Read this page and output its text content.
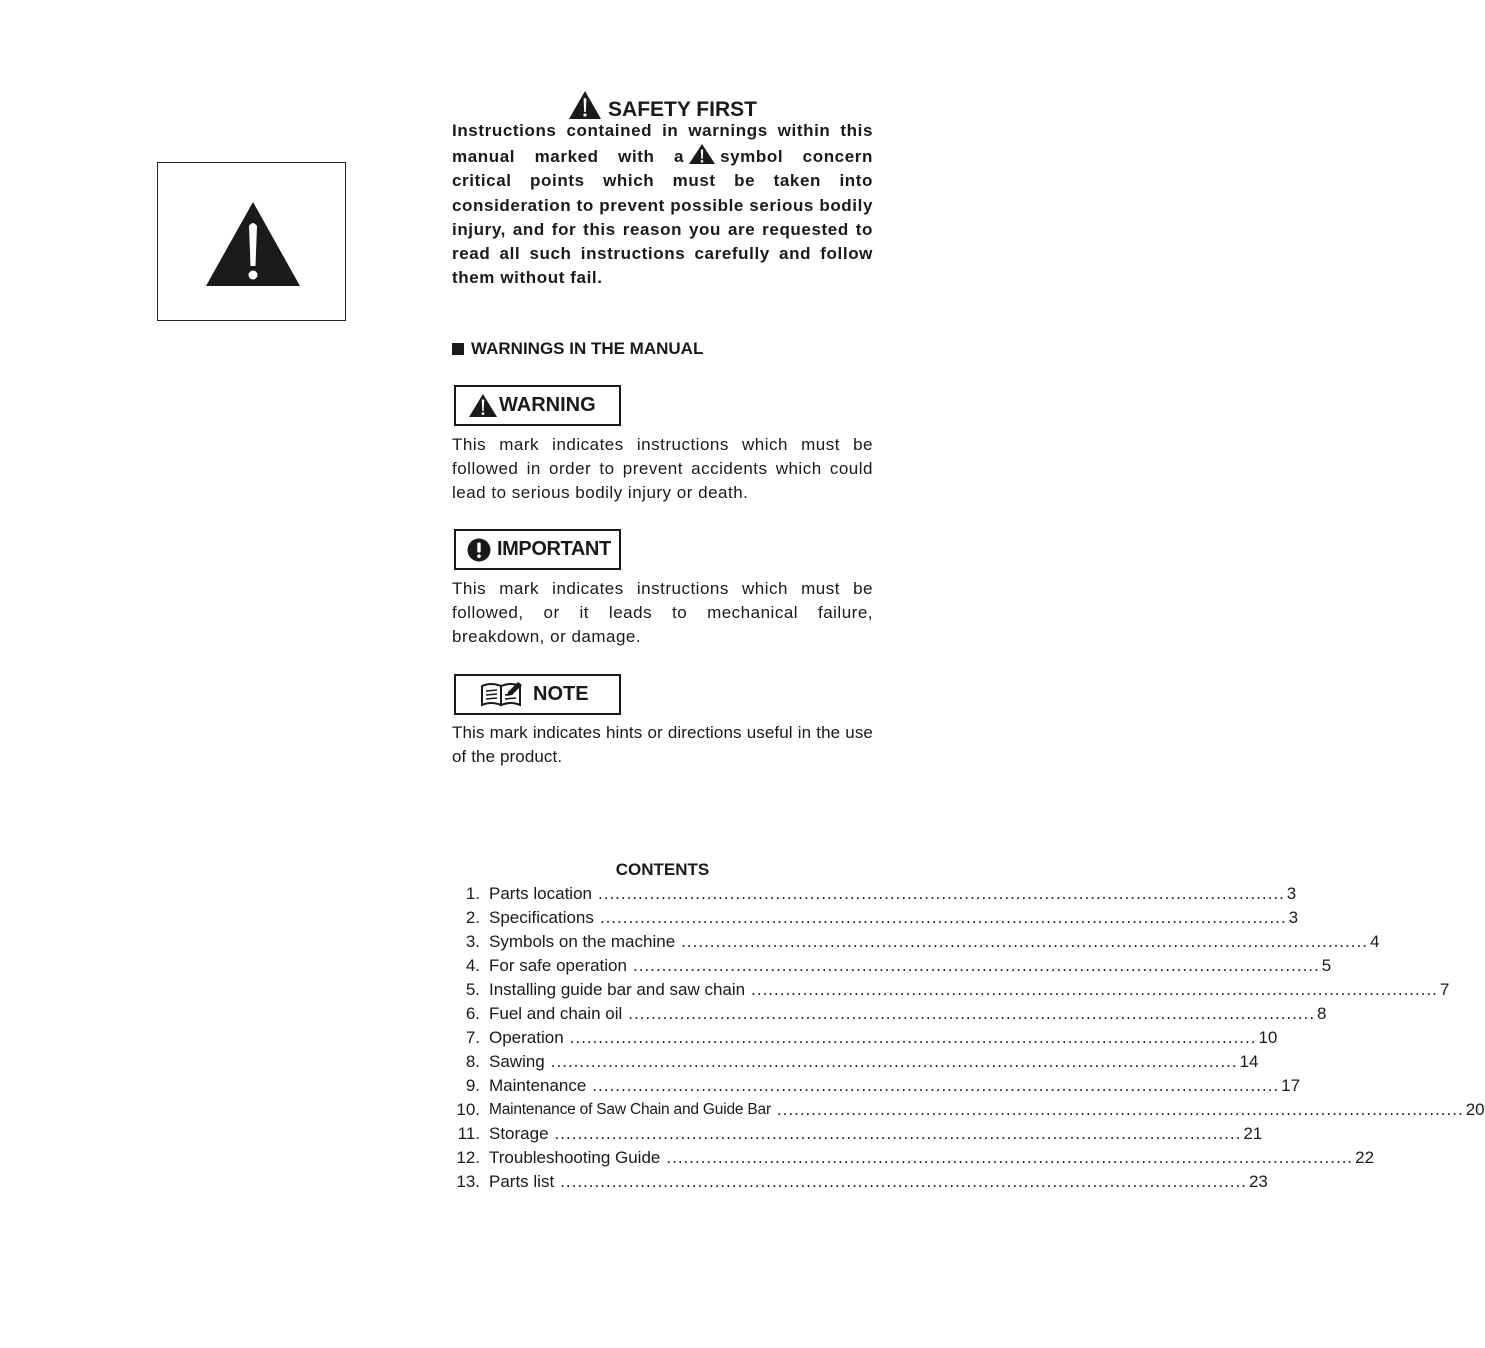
SAFETY FIRST
Instructions contained in warnings within this manual marked with a symbol concern critical points which must be taken into consideration to prevent possible serious bodily injury, and for this reason you are requested to read all such instructions carefully and follow them without fail.
WARNINGS IN THE MANUAL
WARNING
This mark indicates instructions which must be followed in order to prevent accidents which could lead to serious bodily injury or death.
IMPORTANT
This mark indicates instructions which must be followed, or it leads to mechanical failure, breakdown, or damage.
NOTE
This mark indicates hints or directions useful in the use of the product.
CONTENTS
1. Parts location ........................................................................................................................ 3
2. Specifications ........................................................................................................................ 3
3. Symbols on the machine ........................................................................................................................ 4
4. For safe operation ........................................................................................................................ 5
5. Installing guide bar and saw chain ........................................................................................................................ 7
6. Fuel and chain oil ........................................................................................................................ 8
7. Operation ........................................................................................................................ 10
8. Sawing ........................................................................................................................ 14
9. Maintenance ........................................................................................................................ 17
10. Maintenance of Saw Chain and Guide Bar ........................................................................................................................ 20
11. Storage ........................................................................................................................ 21
12. Troubleshooting Guide ........................................................................................................................ 22
13. Parts list ........................................................................................................................ 23
